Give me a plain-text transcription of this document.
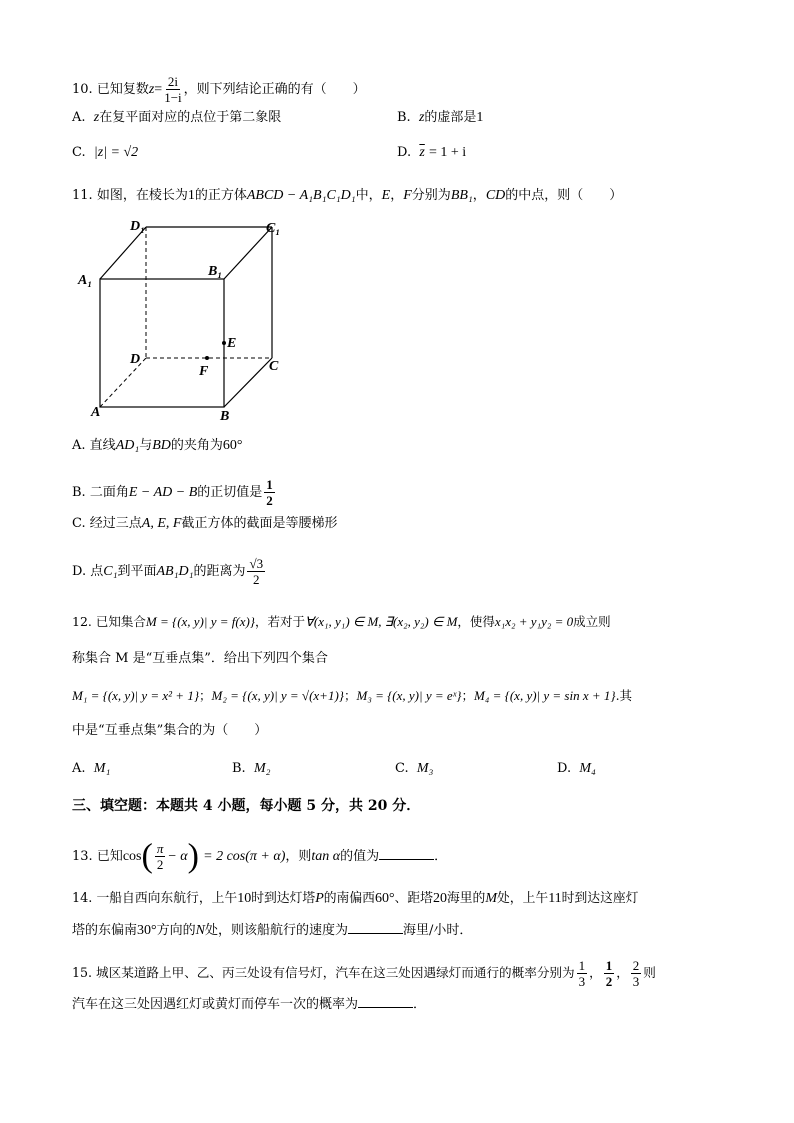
10. 已知复数$z= \frac{2i}{1-i}$ ，则下列结论正确的有（　　）
A. z在复平面对应的点位于第二象限	B. z的虚部是1
C. |z| = √2	D. $\overline{z} = 1 + i$
11. 如图，在棱长为1的正方体ABCD − A₁B₁C₁D₁中，E，F分别为BB₁，CD的中点，则（　　）
D₁	C₁
A₁
B₁
D	C
A	B
E
F
A. 直线AD₁与BD的夹角为60°
B. 二面角E − AD − B的正切值是 $\frac{1}{2}$
C. 经过三点A, E, F截正方体的截面是等腰梯形
D. 点C₁到平面AB₁D₁的距离为 $\frac{√3}{2}$
12. 已知集合M = {(x, y)| y = f(x)}，若对于∀(x₁, y₁) ∈ M, ∃(x₂, y₂) ∈ M，使得x₁x₂ + y₁y₂ = 0成立则
称集合 M 是“互垂点集”．给出下列四个集合
M₁ = {(x, y)| y = x² + 1}；M₂ = {(x, y)| y = √(x+1)}；M₃ = {(x, y)| y = eˣ}；M₄ = {(x, y)| y = sin x + 1}.其
中是“互垂点集”集合的为（　　）
A. M₁	B. M₂	C. M₃	D. M₄
三、填空题：本题共 4 小题，每小题 5 分，共 20 分．
13. 已知$\cos( \frac{\pi}{2} - \alpha) = 2$ cos(π + α)，则tan α的值为	．
14. 一船自西向东航行，上午10时到达灯塔P的南偏西60°、距塔20海里的M处，上午11时到达这座灯
塔的东偏南30°方向的N处，则该船航行的速度为	海里/小时．
15. 城区某道路上甲、乙、丙三处设有信号灯，汽车在这三处因遇绿灯而通行的概率分别为 $\frac{1}{3}$ ， $\frac{1}{2}$ ， $\frac{2}{3}$ 则
汽车在这三处因遇红灯或黄灯而停车一次的概率为	．
